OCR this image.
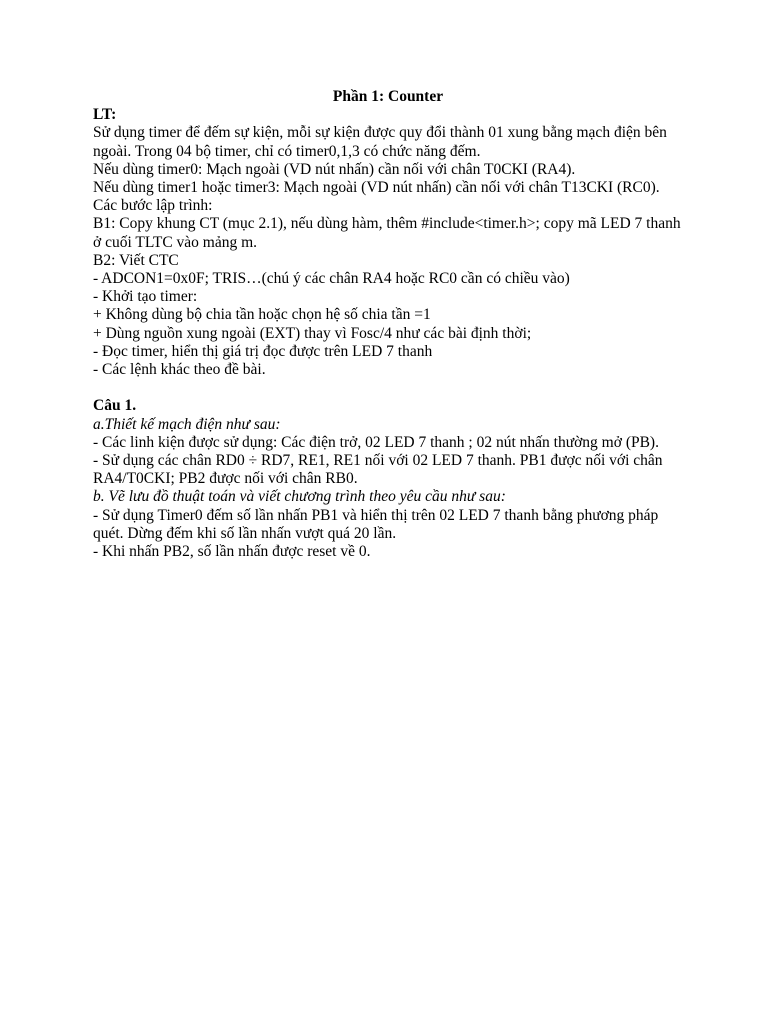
Phần 1: Counter

LT:

Sử dụng timer để đếm sự kiện, mỗi sự kiện được quy đổi thành 01 xung bằng mạch điện bên ngoài. Trong 04 bộ timer, chỉ có timer0,1,3 có chức năng đếm.

Nếu dùng timer0: Mạch ngoài (VD nút nhấn) cần nối với chân T0CKI (RA4).

Nếu dùng timer1 hoặc timer3: Mạch ngoài (VD nút nhấn) cần nối với chân T13CKI (RC0).

Các bước lập trình:

B1: Copy khung CT (mục 2.1), nếu dùng hàm, thêm #include<timer.h>; copy mã LED 7 thanh ở cuối TLTC vào mảng m.

B2: Viết CTC

- ADCON1=0x0F; TRIS…(chú ý các chân RA4 hoặc RC0 cần có chiều vào)

- Khởi tạo timer:

+ Không dùng bộ chia tần hoặc chọn hệ số chia tần =1

+ Dùng nguồn xung ngoài (EXT) thay vì Fosc/4 như các bài định thời;

- Đọc timer, hiển thị giá trị đọc được trên LED 7 thanh

- Các lệnh khác theo đề bài.

Câu 1.

a.Thiết kế mạch điện như sau:

- Các linh kiện được sử dụng: Các điện trở, 02 LED 7 thanh ; 02 nút nhấn thường mở (PB).

- Sử dụng các chân RD0 ÷ RD7, RE1, RE1 nối với 02 LED 7 thanh. PB1 được nối với chân RA4/T0CKI; PB2 được nối với chân RB0.

b. Vẽ lưu đồ thuật toán và viết chương trình theo yêu cầu như sau:

- Sử dụng Timer0 đếm số lần nhấn PB1 và hiển thị trên 02 LED 7 thanh bằng phương pháp quét. Dừng đếm khi số lần nhấn vượt quá 20 lần.

- Khi nhấn PB2, số lần nhấn được reset về 0.
